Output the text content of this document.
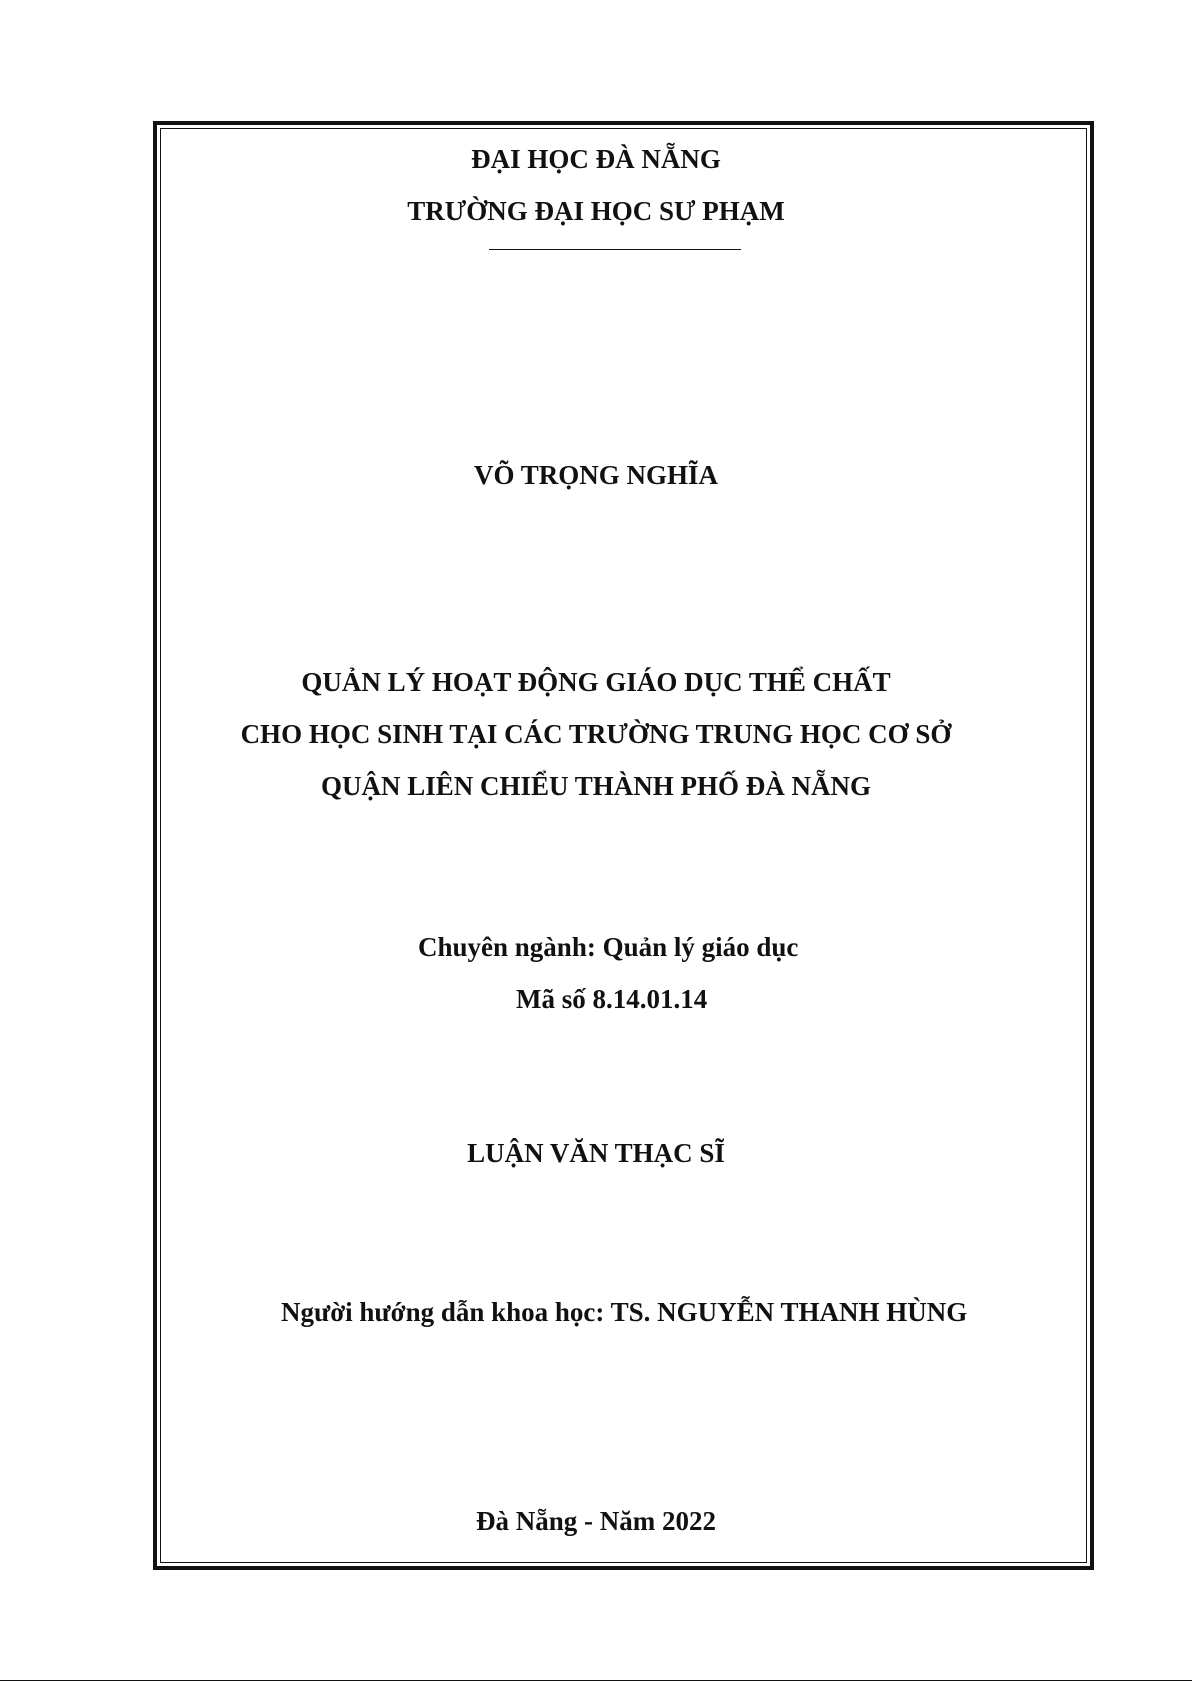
ĐẠI HỌC ĐÀ NẴNG
TRƯỜNG ĐẠI HỌC SƯ PHẠM
VÕ TRỌNG NGHĨA
QUẢN LÝ HOẠT ĐỘNG GIÁO DỤC THỂ CHẤT
CHO HỌC SINH TẠI CÁC TRƯỜNG TRUNG HỌC CƠ SỞ
QUẬN LIÊN CHIỂU THÀNH PHỐ ĐÀ NẴNG
Chuyên ngành: Quản lý giáo dục
Mã số 8.14.01.14
LUẬN VĂN THẠC SĨ
Người hướng dẫn khoa học: TS. NGUYỄN THANH HÙNG
Đà Nẵng - Năm 2022
